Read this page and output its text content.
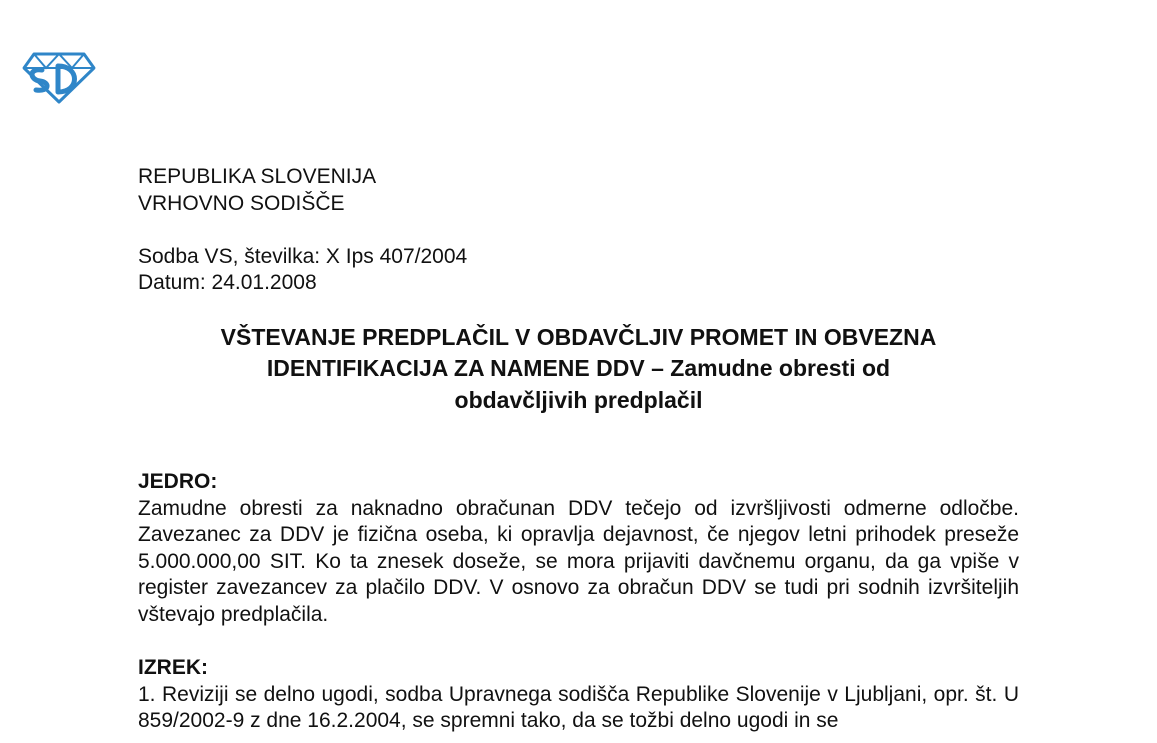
REPUBLIKA SLOVENIJA
VRHOVNO SODIŠČE
Sodba VS, številka: X Ips 407/2004
Datum: 24.01.2008
VŠTEVANJE PREDPLAČIL V OBDAVČLJIV PROMET IN OBVEZNA
IDENTIFIKACIJA ZA NAMENE DDV – Zamudne obresti od
obdavčljivih predplačil
JEDRO:
Zamudne obresti za naknadno obračunan DDV tečejo od izvršljivosti odmerne odločbe. Zavezanec za DDV je fizična oseba, ki opravlja dejavnost, če njegov letni prihodek preseže 5.000.000,00 SIT. Ko ta znesek doseže, se mora prijaviti davčnemu organu, da ga vpiše v register zavezancev za plačilo DDV. V osnovo za obračun DDV se tudi pri sodnih izvršiteljih vštevajo predplačila.
IZREK:
1. Reviziji se delno ugodi, sodba Upravnega sodišča Republike Slovenije v Ljubljani, opr. št. U 859/2002-9 z dne 16.2.2004, se spremni tako, da se tožbi delno ugodi in se
